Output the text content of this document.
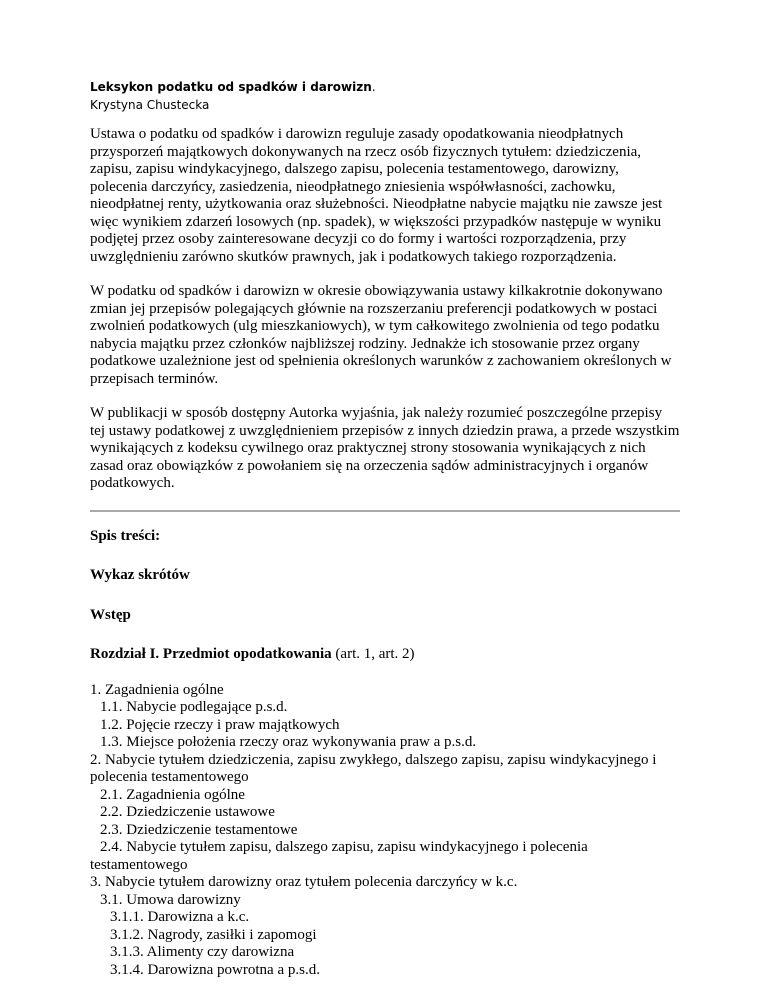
Leksykon podatku od spadków i darowizn.
Krystyna Chustecka

Ustawa o podatku od spadków i darowizn reguluje zasady opodatkowania nieodpłatnych przysporzeń majątkowych dokonywanych na rzecz osób fizycznych tytułem: dziedziczenia, zapisu, zapisu windykacyjnego, dalszego zapisu, polecenia testamentowego, darowizny, polecenia darczyńcy, zasiedzenia, nieodpłatnego zniesienia współwłasności, zachowku, nieodpłatnej renty, użytkowania oraz służebności. Nieodpłatne nabycie majątku nie zawsze jest więc wynikiem zdarzeń losowych (np. spadek), w większości przypadków następuje w wyniku podjętej przez osoby zainteresowane decyzji co do formy i wartości rozporządzenia, przy uwzględnieniu zarówno skutków prawnych, jak i podatkowych takiego rozporządzenia.

W podatku od spadków i darowizn w okresie obowiązywania ustawy kilkakrotnie dokonywano zmian jej przepisów polegających głównie na rozszerzaniu preferencji podatkowych w postaci zwolnień podatkowych (ulg mieszkaniowych), w tym całkowitego zwolnienia od tego podatku nabycia majątku przez członków najbliższej rodziny. Jednakże ich stosowanie przez organy podatkowe uzależnione jest od spełnienia określonych warunków z zachowaniem określonych w przepisach terminów.

W publikacji w sposób dostępny Autorka wyjaśnia, jak należy rozumieć poszczególne przepisy tej ustawy podatkowej z uwzględnieniem przepisów z innych dziedzin prawa, a przede wszystkim wynikających z kodeksu cywilnego oraz praktycznej strony stosowania wynikających z nich zasad oraz obowiązków z powołaniem się na orzeczenia sądów administracyjnych i organów podatkowych.

Spis treści:
Wykaz skrótów
Wstęp
Rozdział I. Przedmiot opodatkowania (art. 1, art. 2)
1. Zagadnienia ogólne
1.1. Nabycie podlegające p.s.d.
1.2. Pojęcie rzeczy i praw majątkowych
1.3. Miejsce położenia rzeczy oraz wykonywania praw a p.s.d.
2. Nabycie tytułem dziedziczenia, zapisu zwykłego, dalszego zapisu, zapisu windykacyjnego i polecenia testamentowego
2.1. Zagadnienia ogólne
2.2. Dziedziczenie ustawowe
2.3. Dziedziczenie testamentowe
2.4. Nabycie tytułem zapisu, dalszego zapisu, zapisu windykacyjnego i polecenia testamentowego
3. Nabycie tytułem darowizny oraz tytułem polecenia darczyńcy w k.c.
3.1. Umowa darowizny
3.1.1. Darowizna a k.c.
3.1.2. Nagrody, zasiłki i zapomogi
3.1.3. Alimenty czy darowizna
3.1.4. Darowizna powrotna a p.s.d.
